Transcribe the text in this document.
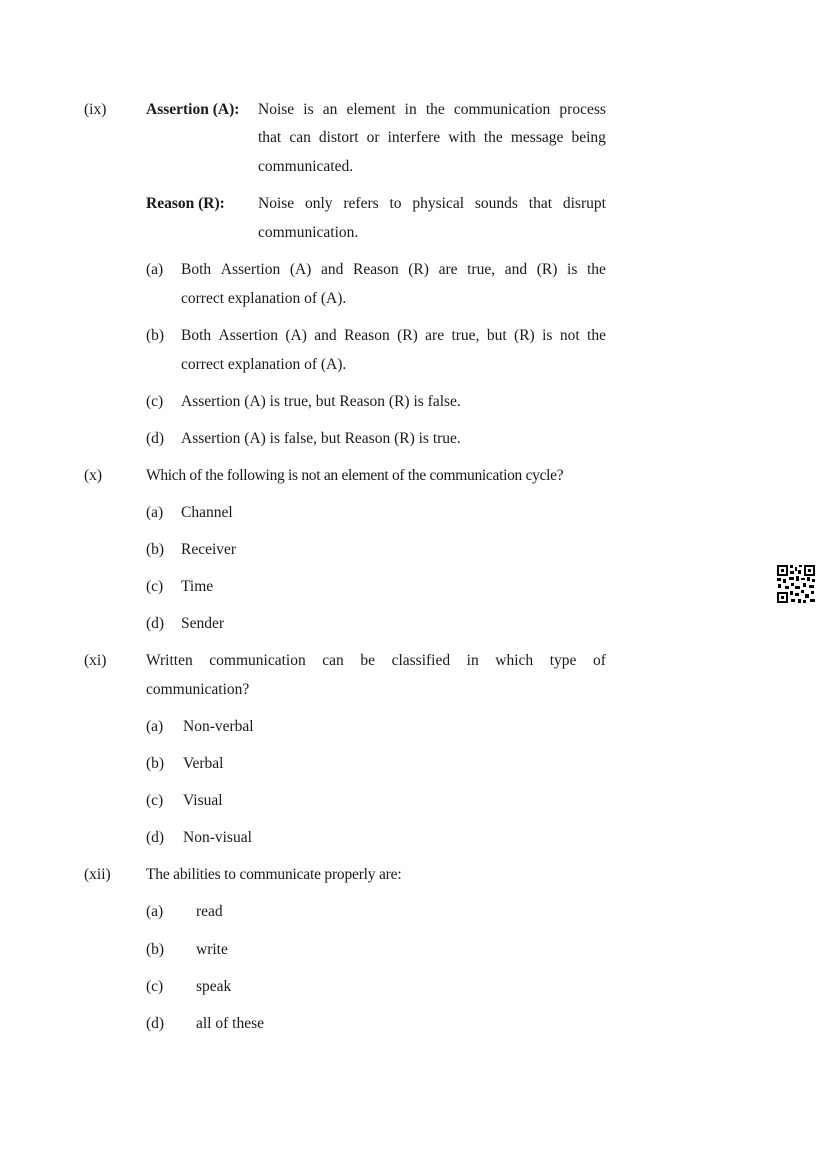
(ix)	Assertion (A): Noise is an element in the communication process
that can distort or interfere with the message being
communicated.
Reason (R): Noise only refers to physical sounds that disrupt
communication.
(a) Both Assertion (A) and Reason (R) are true, and (R) is the
correct explanation of (A).
(b) Both Assertion (A) and Reason (R) are true, but (R) is not the
correct explanation of (A).
(c) Assertion (A) is true, but Reason (R) is false.
(d) Assertion (A) is false, but Reason (R) is true.
(x)	Which of the following is not an element of the communication cycle?
(a) Channel
(b) Receiver
(c) Time
(d) Sender
(xi)	Written communication can be classified in which type of
communication?
(a) Non-verbal
(b) Verbal
(c) Visual
(d) Non-visual
(xii) The abilities to communicate properly are:
(a) read
(b) write
(c) speak
(d) all of these
